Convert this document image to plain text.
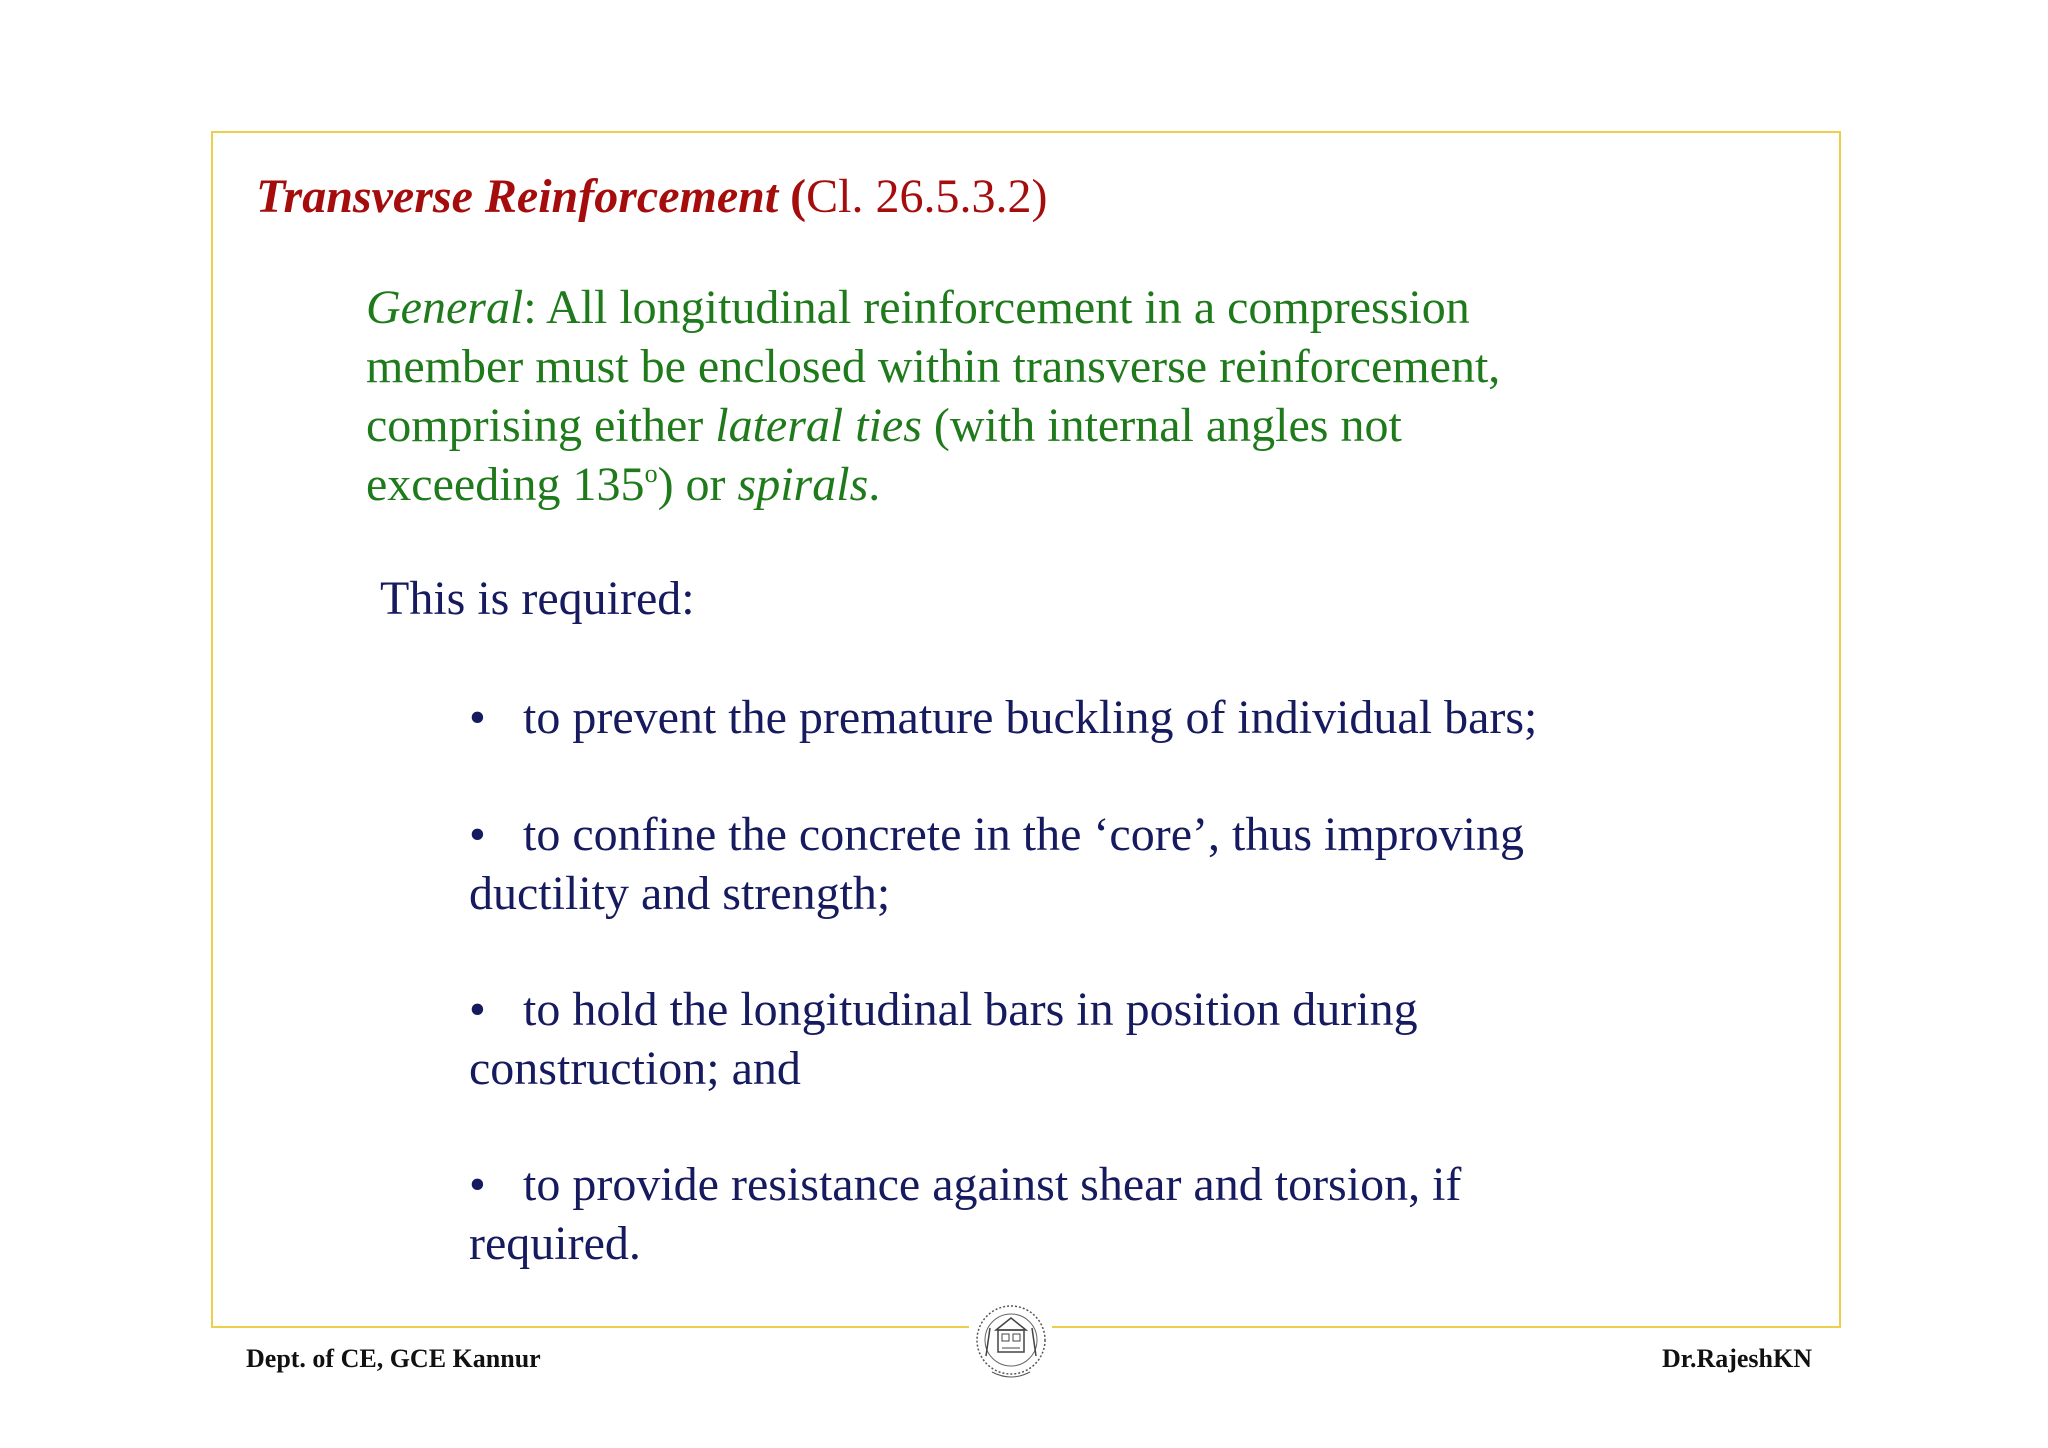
Transverse Reinforcement (Cl. 26.5.3.2)
General: All longitudinal reinforcement in a compression
member must be enclosed within transverse reinforcement,
comprising either lateral ties (with internal angles not
exceeding 135$^o$) or spirals.
This is required:
• to prevent the premature buckling of individual bars;
• to confine the concrete in the ‘core’, thus improving
ductility and strength;
• to hold the longitudinal bars in position during
construction; and
• to provide resistance against shear and torsion, if
required.
Dept. of CE, GCE Kannur	Dr.RajeshKN
